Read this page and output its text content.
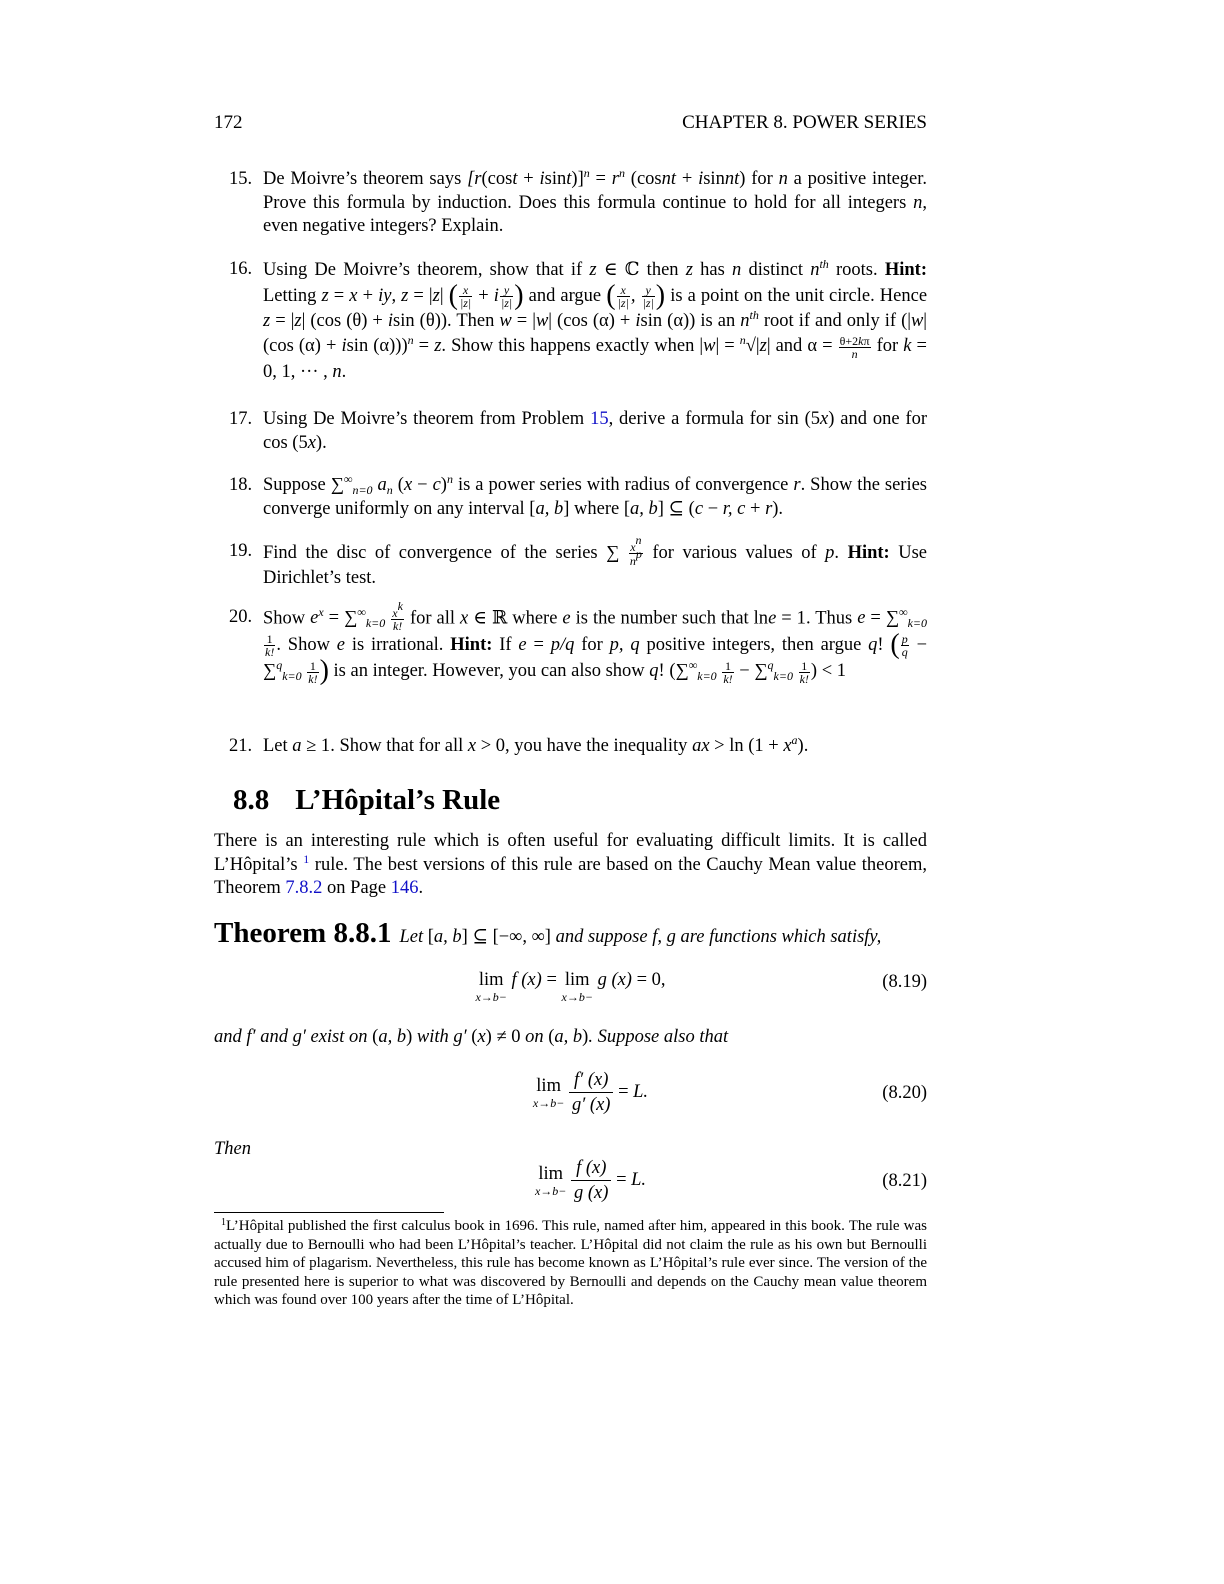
172	CHAPTER 8. POWER SERIES
15. De Moivre’s theorem says $[r(\cos t + isint)]^n = r^n$ (cosnt + isinnt) for n a positive integer. Prove this formula by induction. Does this formula continue to hold for all integers n, even negative integers? Explain.
16. Using De Moivre’s theorem, show that if z ∈ ℂ then z has n distinct $n^{th}$ roots. Hint: Letting z = x + iy, z = |z| ( $\frac{x}{|z|} + i \frac{y}{|z|}$ ) and argue ( $\frac{x}{|z|}$ , $\frac{y}{|z|}$ ) is a point on the unit circle. Hence z = |z| (cos (θ) + isin (θ)). Then w = |w| (cos (α) + isin (α)) is an $n^{th}$ root if and only if (|w| (cos (α) + isin (α)))$^n$ = z. Show this happens exactly when |w| = $^n$√|z| and $\alpha = \frac{\theta+2k\pi}{n}$ for k = 0, 1, ··· , n.
17. Using De Moivre’s theorem from Problem 15, derive a formula for sin (5x) and one for cos (5x).
18. Suppose $\sum^\infty_{n=0}$ $a_n$ $(x - c)^n$ is a power series with radius of convergence r. Show the series converge uniformly on any interval [a, b] where [a, b] ⊆ (c − r, c + r).
19. Find the disc of convergence of the series ∑ $\frac{x^n}{n^p}$ for various values of p. Hint: Use Dirichlet’s test.
20. Show $e^x = \sum^\infty_{k=0} \frac{x^k}{k!}$ for all x ∈ ℝ where e is the number such that lne = 1. Thus $e = \sum^\infty_{k=0}$
$\frac{1}{k!}$ . Show e is irrational. Hint: If e = p/q for p, q positive integers, then argue q! ( $\frac{p}{q} - \sum^q_{k=0} \frac{1}{k!}$ ) is an integer. However, you can also show q! ($\sum^\infty_{k=0} \frac{1}{k!} - \sum^q_{k=0} \frac{1}{k!}$ ) < 1
21. Let a ≥ 1. Show that for all x > 0, you have the inequality ax > $\ln (1 + x^a)$.
8.8 L’Hôpital’s Rule
There is an interesting rule which is often useful for evaluating difficult limits. It is called L’Hôpital’s $^1$ rule. The best versions of this rule are based on the Cauchy Mean value theorem, Theorem 7.8.2 on Page 146.
Theorem 8.8.1 Let [a, b] ⊆ [−∞, ∞] and suppose f, g are functions which satisfy,
lim
x→b−
f (x) = lim
x→b−
g (x) = 0,	(8.19)
and f′ and g′ exist on (a, b) with g′ (x) ≠ 0 on (a, b). Suppose also that
lim
x→b−
$\frac{f' (x)}{g' (x)} = L$.	(8.20)
Then
lim
x→b−
$\frac{f (x)}{g (x)} = L$.	(8.21)
$^1$L’Hôpital published the first calculus book in 1696. This rule, named after him, appeared in this book. The rule was actually due to Bernoulli who had been L’Hôpital’s teacher. L’Hôpital did not claim the rule as his own but Bernoulli accused him of plagarism. Nevertheless, this rule has become known as L’Hôpital’s rule ever since. The version of the rule presented here is superior to what was discovered by Bernoulli and depends on the Cauchy mean value theorem which was found over 100 years after the time of L’Hôpital.
